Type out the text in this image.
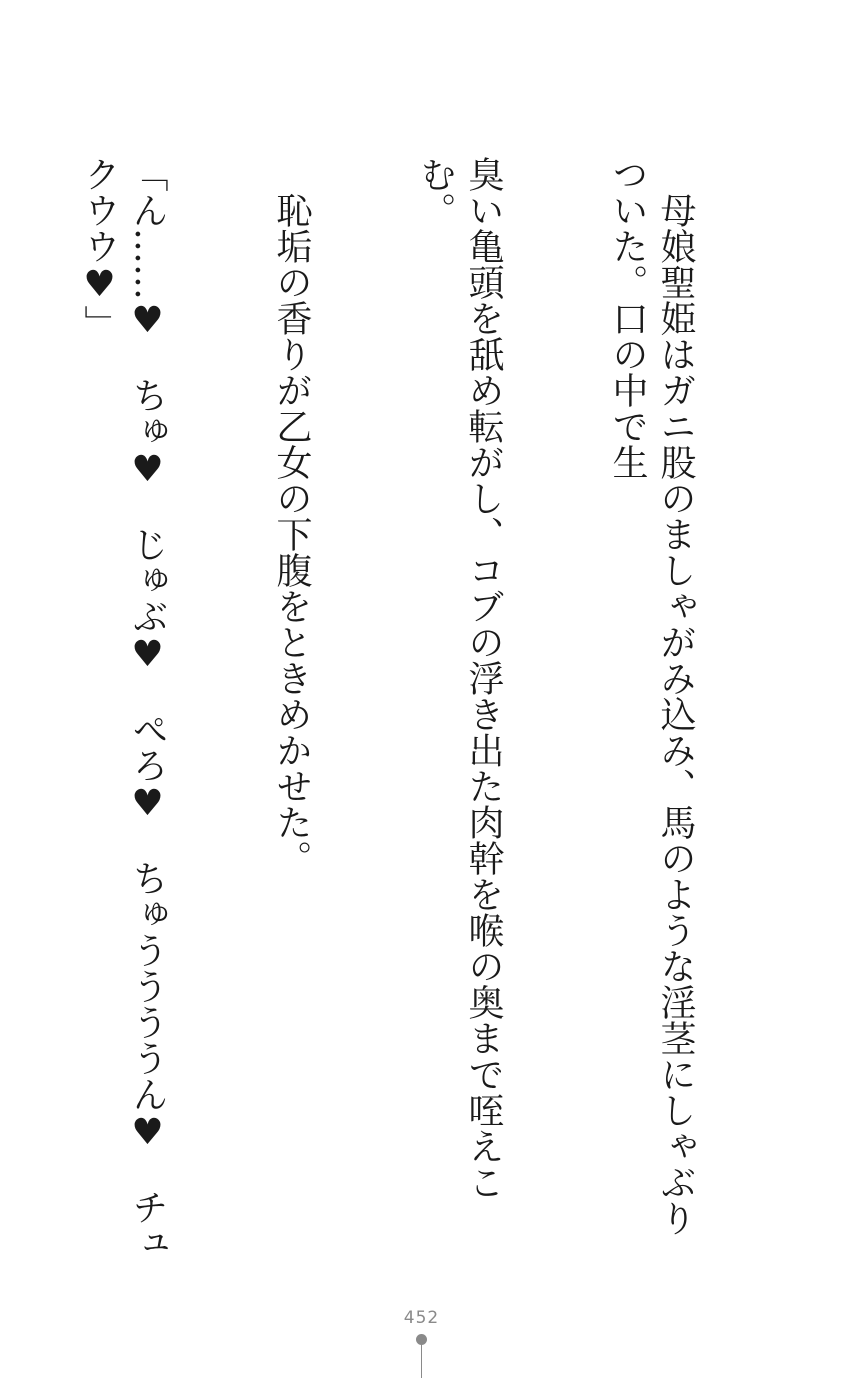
　母娘聖姫はガニ股のましゃがみ込み、馬のような淫茎にしゃぶりついた。口の中で生

臭い亀頭を舐め転がし、コブの浮き出た肉幹を喉の奥まで咥えこむ。

　恥垢の香りが乙女の下腹をときめかせた。

「ん……♥　ちゅ♥　じゅぶ♥　ぺろ♥　ちゅううううん♥　チュクウウ♥」

452
